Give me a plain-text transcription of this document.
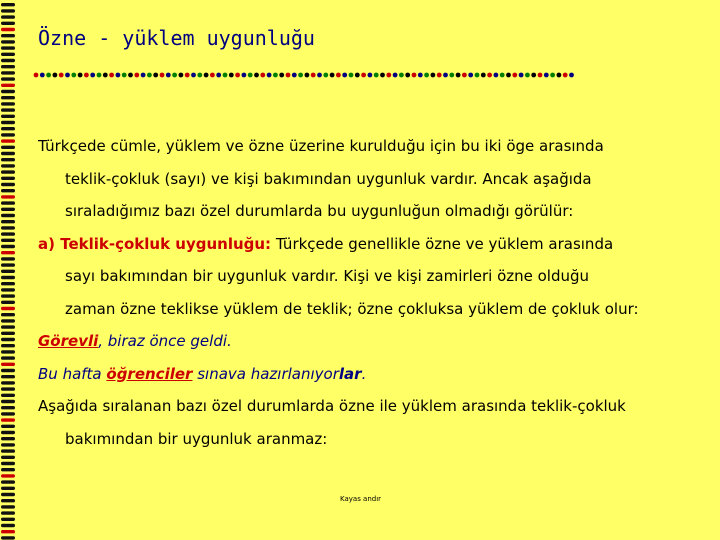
Özne - yüklem uygunluğu

Türkçede cümle, yüklem ve özne üzerine kurulduğu için bu iki öge arasında

teklik-çokluk (sayı) ve kişi bakımından uygunluk vardır. Ancak aşağıda

sıraladığımız bazı özel durumlarda bu uygunluğun olmadığı görülür:

a) Teklik-çokluk uygunluğu: Türkçede genellikle özne ve yüklem arasında

sayı bakımından bir uygunluk vardır. Kişi ve kişi zamirleri özne olduğu

zaman özne teklikse yüklem de teklik; özne çokluksa yüklem de çokluk olur:

Görevli, biraz önce geldi.

Bu hafta öğrenciler sınava hazırlanıyorlar.

Aşağıda sıralanan bazı özel durumlarda özne ile yüklem arasında teklik-çokluk

bakımından bir uygunluk aranmaz:

Kayas andır
